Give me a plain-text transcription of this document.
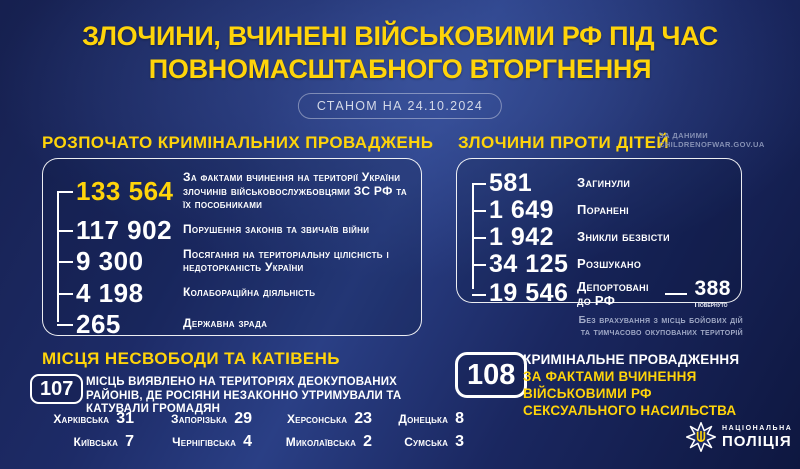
ЗЛОЧИНИ, ВЧИНЕНІ ВІЙСЬКОВИМИ РФ ПІД ЧАС
ПОВНОМАСШТАБНОГО ВТОРГНЕННЯ
СТАНОМ НА 24.10.2024
РОЗПОЧАТО КРИМІНАЛЬНИХ ПРОВАДЖЕНЬ
133 564 За фактами вчинення на території України злочинів військовослужбовцями ЗС РФ та їх пособниками
117 902 Порушення законів та звичаїв війни
9 300	Посягання на територіальну цілісність і недоторканість України
4 198	Колабораційна діяльність
265	Державна зрада
ЗЛОЧИНИ ПРОТИ ДІТЕЙ
ЗА ДАНИМИ
CHILDRENOFWAR.GOV.UA
581	Загинули
1 649	Поранені
1 942	Зникли безвісти
34 125 Розшукано
19 546 Депортовані до РФ	388
Повернуто
Без врахування з місць бойових дій
та тимчасово окупованих територій
МІСЦЯ НЕСВОБОДИ ТА КАТІВЕНЬ
107	МІСЦЬ ВИЯВЛЕНО НА ТЕРИТОРІЯХ ДЕОКУПОВАНИХ РАЙОНІВ, ДЕ РОСІЯНИ НЕЗАКОННО УТРИМУВАЛИ ТА КАТУВАЛИ ГРОМАДЯН
Харківська 31	Запорізька 29	Херсонська 23	Донецька 8
Київська 7	Чернігівська 4	Миколаївська 2	Сумська 3
108 КРИМІНАЛЬНЕ ПРОВАДЖЕННЯ
ЗА ФАКТАМИ ВЧИНЕННЯ
ВІЙСЬКОВИМИ РФ
СЕКСУАЛЬНОГО НАСИЛЬСТВА
НАЦІОНАЛЬНА
ПОЛІЦІЯ
